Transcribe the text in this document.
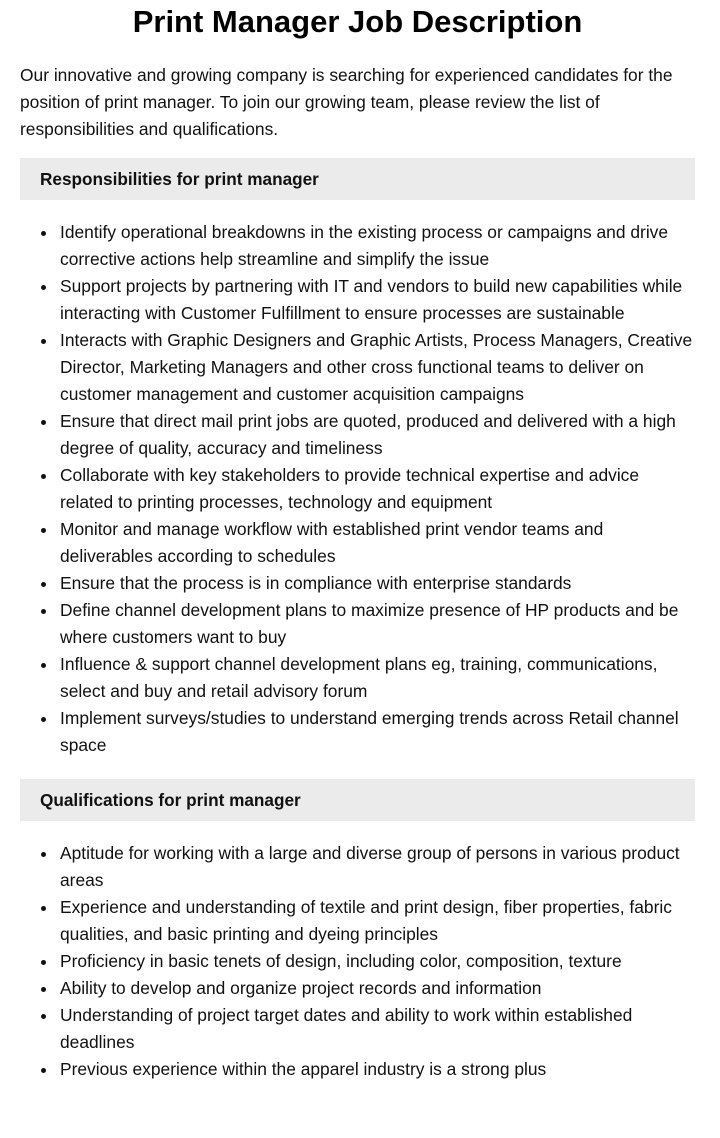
Print Manager Job Description

Our innovative and growing company is searching for experienced candidates for the position of print manager. To join our growing team, please review the list of responsibilities and qualifications.

Responsibilities for print manager
Identify operational breakdowns in the existing process or campaigns and drive corrective actions help streamline and simplify the issue
Support projects by partnering with IT and vendors to build new capabilities while interacting with Customer Fulfillment to ensure processes are sustainable
Interacts with Graphic Designers and Graphic Artists, Process Managers, Creative Director, Marketing Managers and other cross functional teams to deliver on customer management and customer acquisition campaigns
Ensure that direct mail print jobs are quoted, produced and delivered with a high degree of quality, accuracy and timeliness
Collaborate with key stakeholders to provide technical expertise and advice related to printing processes, technology and equipment
Monitor and manage workflow with established print vendor teams and deliverables according to schedules
Ensure that the process is in compliance with enterprise standards
Define channel development plans to maximize presence of HP products and be where customers want to buy
Influence & support channel development plans eg, training, communications, select and buy and retail advisory forum
Implement surveys/studies to understand emerging trends across Retail channel space
Qualifications for print manager
Aptitude for working with a large and diverse group of persons in various product areas
Experience and understanding of textile and print design, fiber properties, fabric qualities, and basic printing and dyeing principles
Proficiency in basic tenets of design, including color, composition, texture
Ability to develop and organize project records and information
Understanding of project target dates and ability to work within established deadlines
Previous experience within the apparel industry is a strong plus
